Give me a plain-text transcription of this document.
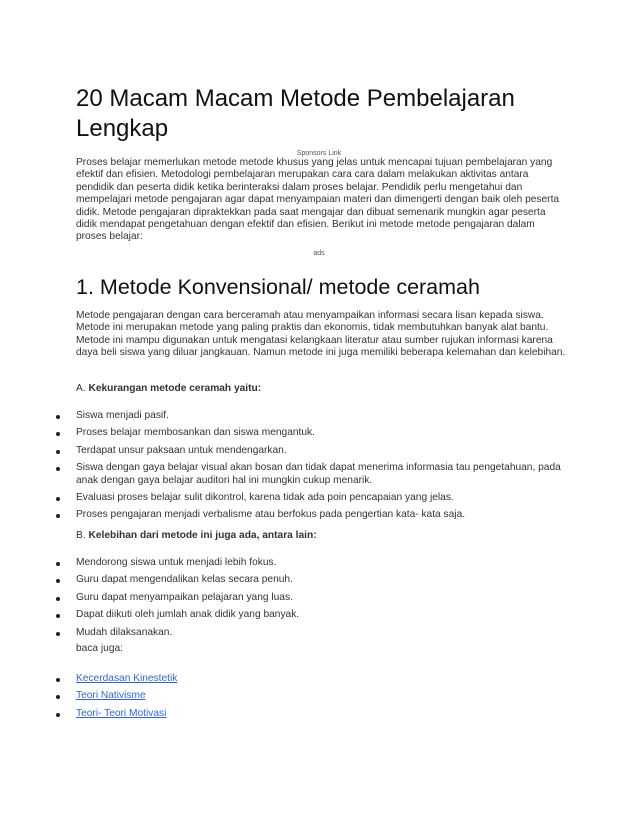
20 Macam Macam Metode Pembelajaran Lengkap
Sponsors Link

Proses belajar memerlukan metode metode khusus yang jelas untuk mencapai tujuan pembelajaran yang efektif dan efisien. Metodologi pembelajaran merupakan cara cara dalam melakukan aktivitas antara pendidik dan peserta didik ketika berinteraksi dalam proses belajar. Pendidik perlu mengetahui dan mempelajari metode pengajaran agar dapat menyampaian materi dan dimengerti dengan baik oleh peserta didik. Metode pengajaran dipraktekkan pada saat mengajar dan dibuat semenarik mungkin agar peserta didik mendapat pengetahuan dengan efektif dan efisien. Berikut ini metode metode pengajaran dalam proses belajar:

ads
1. Metode Konvensional/ metode ceramah

Metode pengajaran dengan cara berceramah atau menyampaikan informasi secara lisan kepada siswa. Metode ini merupakan metode yang paling praktis dan ekonomis, tidak membutuhkan banyak alat bantu. Metode ini mampu digunakan untuk mengatasi kelangkaan literatur atau sumber rujukan informasi karena daya beli siswa yang diluar jangkauan. Namun metode ini juga memiliki beberapa kelemahan dan kelebihan.

A. Kekurangan metode ceramah yaitu:
Siswa menjadi pasif.
Proses belajar membosankan dan siswa mengantuk.
Terdapat unsur paksaan untuk mendengarkan.
Siswa dengan gaya belajar visual akan bosan dan tidak dapat menerima informasia tau pengetahuan, pada anak dengan gaya belajar auditori hal ini mungkin cukup menarik.
Evaluasi proses belajar sulit dikontrol, karena tidak ada poin pencapaian yang jelas.
Proses pengajaran menjadi verbalisme atau berfokus pada pengertian kata- kata saja.
B. Kelebihan dari metode ini juga ada, antara lain:
Mendorong siswa untuk menjadi lebih fokus.
Guru dapat mengendalikan kelas secara penuh.
Guru dapat menyampaikan pelajaran yang luas.
Dapat diikuti oleh jumlah anak didik yang banyak.
Mudah dilaksanakan.
baca juga:
Kecerdasan Kinestetik
Teori Nativisme
Teori- Teori Motivasi
